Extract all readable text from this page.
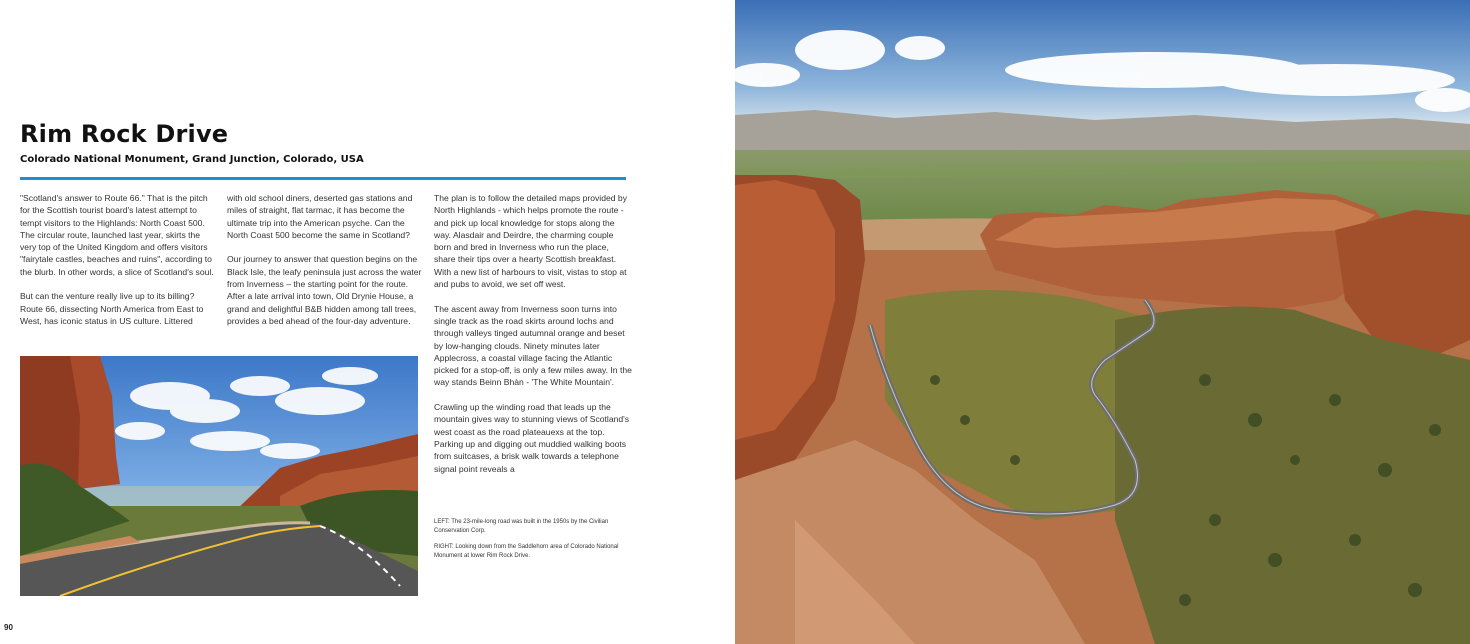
Rim Rock Drive
Colorado National Monument, Grand Junction, Colorado, USA

"Scotland's answer to Route 66." That is the pitch for the Scottish tourist board's latest attempt to tempt visitors to the Highlands: North Coast 500. The circular route, launched last year, skirts the very top of the United Kingdom and offers visitors "fairytale castles, beaches and ruins", according to the blurb. In other words, a slice of Scotland's soul.

But can the venture really live up to its billing? Route 66, dissecting North America from East to West, has iconic status in US culture. Littered

with old school diners, deserted gas stations and miles of straight, flat tarmac, it has become the ultimate trip into the American psyche. Can the North Coast 500 become the same in Scotland?

Our journey to answer that question begins on the Black Isle, the leafy peninsula just across the water from Inverness – the starting point for the route. After a late arrival into town, Old Drynie House, a grand and delightful B&B hidden among tall trees, provides a bed ahead of the four-day adventure.

The plan is to follow the detailed maps provided by North Highlands - which helps promote the route - and pick up local knowledge for stops along the way. Alasdair and Deirdre, the charming couple born and bred in Inverness who run the place, share their tips over a hearty Scottish breakfast. With a new list of harbours to visit, vistas to stop at and pubs to avoid, we set off west.

The ascent away from Inverness soon turns into single track as the road skirts around lochs and through valleys tinged autumnal orange and beset by low-hanging clouds. Ninety minutes later Applecross, a coastal village facing the Atlantic picked for a stop-off, is only a few miles away. In the way stands Beinn Bhàn - 'The White Mountain'.

Crawling up the winding road that leads up the mountain gives way to stunning views of Scotland's west coast as the road plateauexs at the top. Parking up and digging out muddied walking boots from suitcases, a brisk walk towards a telephone signal point reveals a

LEFT: The 23-mile-long road was built in the 1950s by the Civilian Conservation Corp.

RIGHT: Looking down from the Saddlehorn area of Colorado National Monument at lower Rim Rock Drive.

90
